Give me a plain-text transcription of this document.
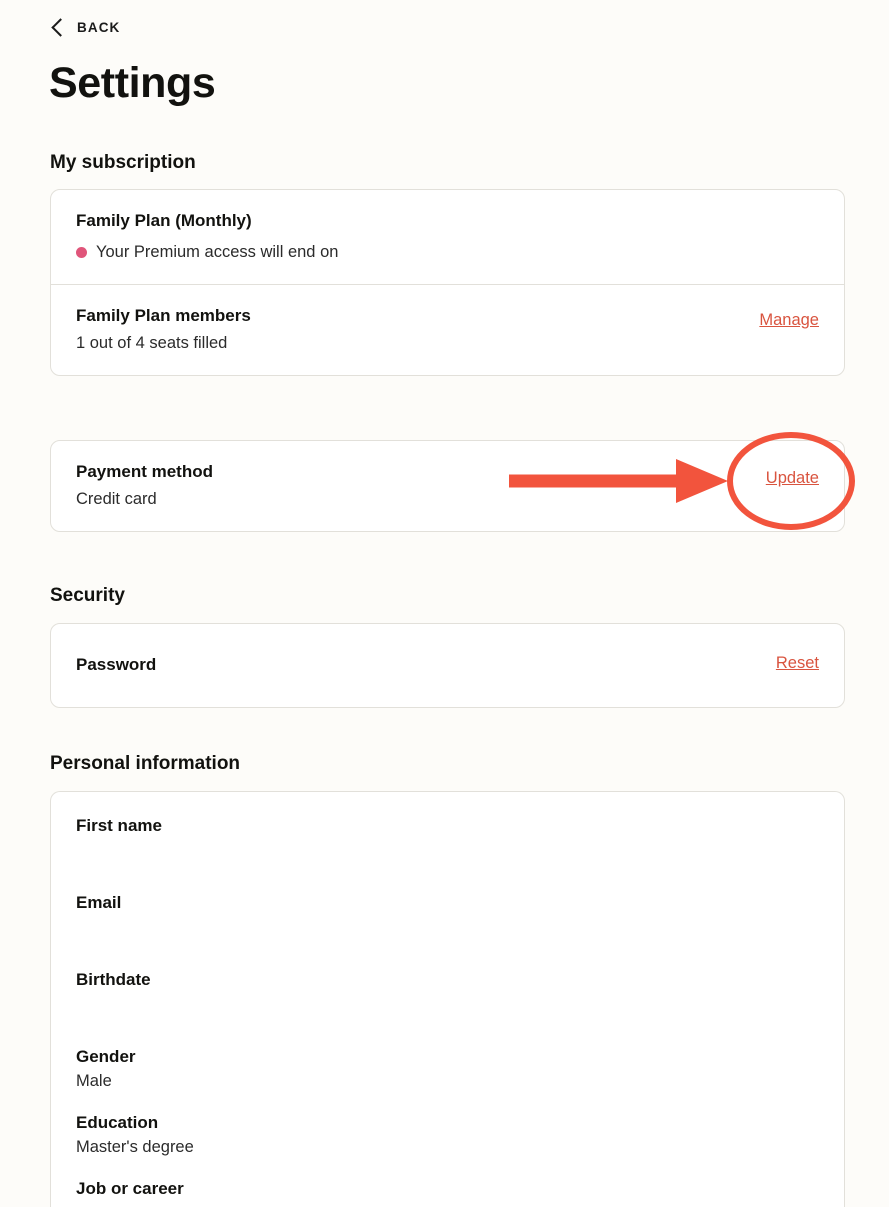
BACK
Settings
My subscription
Family Plan (Monthly)
Your Premium access will end on
Family Plan members
1 out of 4 seats filled
Manage
Payment method
Credit card
Update
Security
Password	Reset
Personal information
First name
Email
Birthdate
Gender
Male
Education
Master's degree
Job or career
